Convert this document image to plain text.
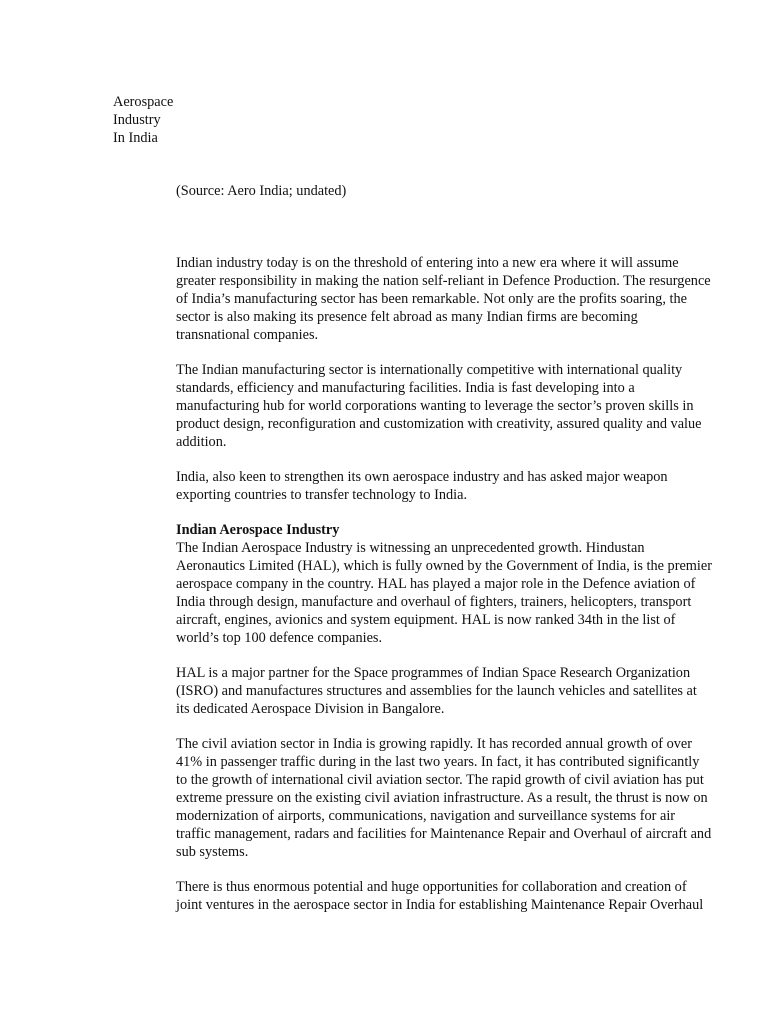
Aerospace
Industry
In India
(Source: Aero India; undated)
Indian industry today is on the threshold of entering into a new era where it will assume
greater responsibility in making the nation self-reliant in Defence Production. The resurgence
of India’s manufacturing sector has been remarkable. Not only are the profits soaring, the
sector is also making its presence felt abroad as many Indian firms are becoming
transnational companies.
The Indian manufacturing sector is internationally competitive with international quality
standards, efficiency and manufacturing facilities. India is fast developing into a
manufacturing hub for world corporations wanting to leverage the sector’s proven skills in
product design, reconfiguration and customization with creativity, assured quality and value
addition.
India, also keen to strengthen its own aerospace industry and has asked major weapon
exporting countries to transfer technology to India.
Indian Aerospace Industry
The Indian Aerospace Industry is witnessing an unprecedented growth. Hindustan
Aeronautics Limited (HAL), which is fully owned by the Government of India, is the premier
aerospace company in the country. HAL has played a major role in the Defence aviation of
India through design, manufacture and overhaul of fighters, trainers, helicopters, transport
aircraft, engines, avionics and system equipment. HAL is now ranked 34th in the list of
world’s top 100 defence companies.
HAL is a major partner for the Space programmes of Indian Space Research Organization
(ISRO) and manufactures structures and assemblies for the launch vehicles and satellites at
its dedicated Aerospace Division in Bangalore.
The civil aviation sector in India is growing rapidly. It has recorded annual growth of over
41% in passenger traffic during in the last two years. In fact, it has contributed significantly
to the growth of international civil aviation sector. The rapid growth of civil aviation has put
extreme pressure on the existing civil aviation infrastructure. As a result, the thrust is now on
modernization of airports, communications, navigation and surveillance systems for air
traffic management, radars and facilities for Maintenance Repair and Overhaul of aircraft and
sub systems.
There is thus enormous potential and huge opportunities for collaboration and creation of
joint ventures in the aerospace sector in India for establishing Maintenance Repair Overhaul
